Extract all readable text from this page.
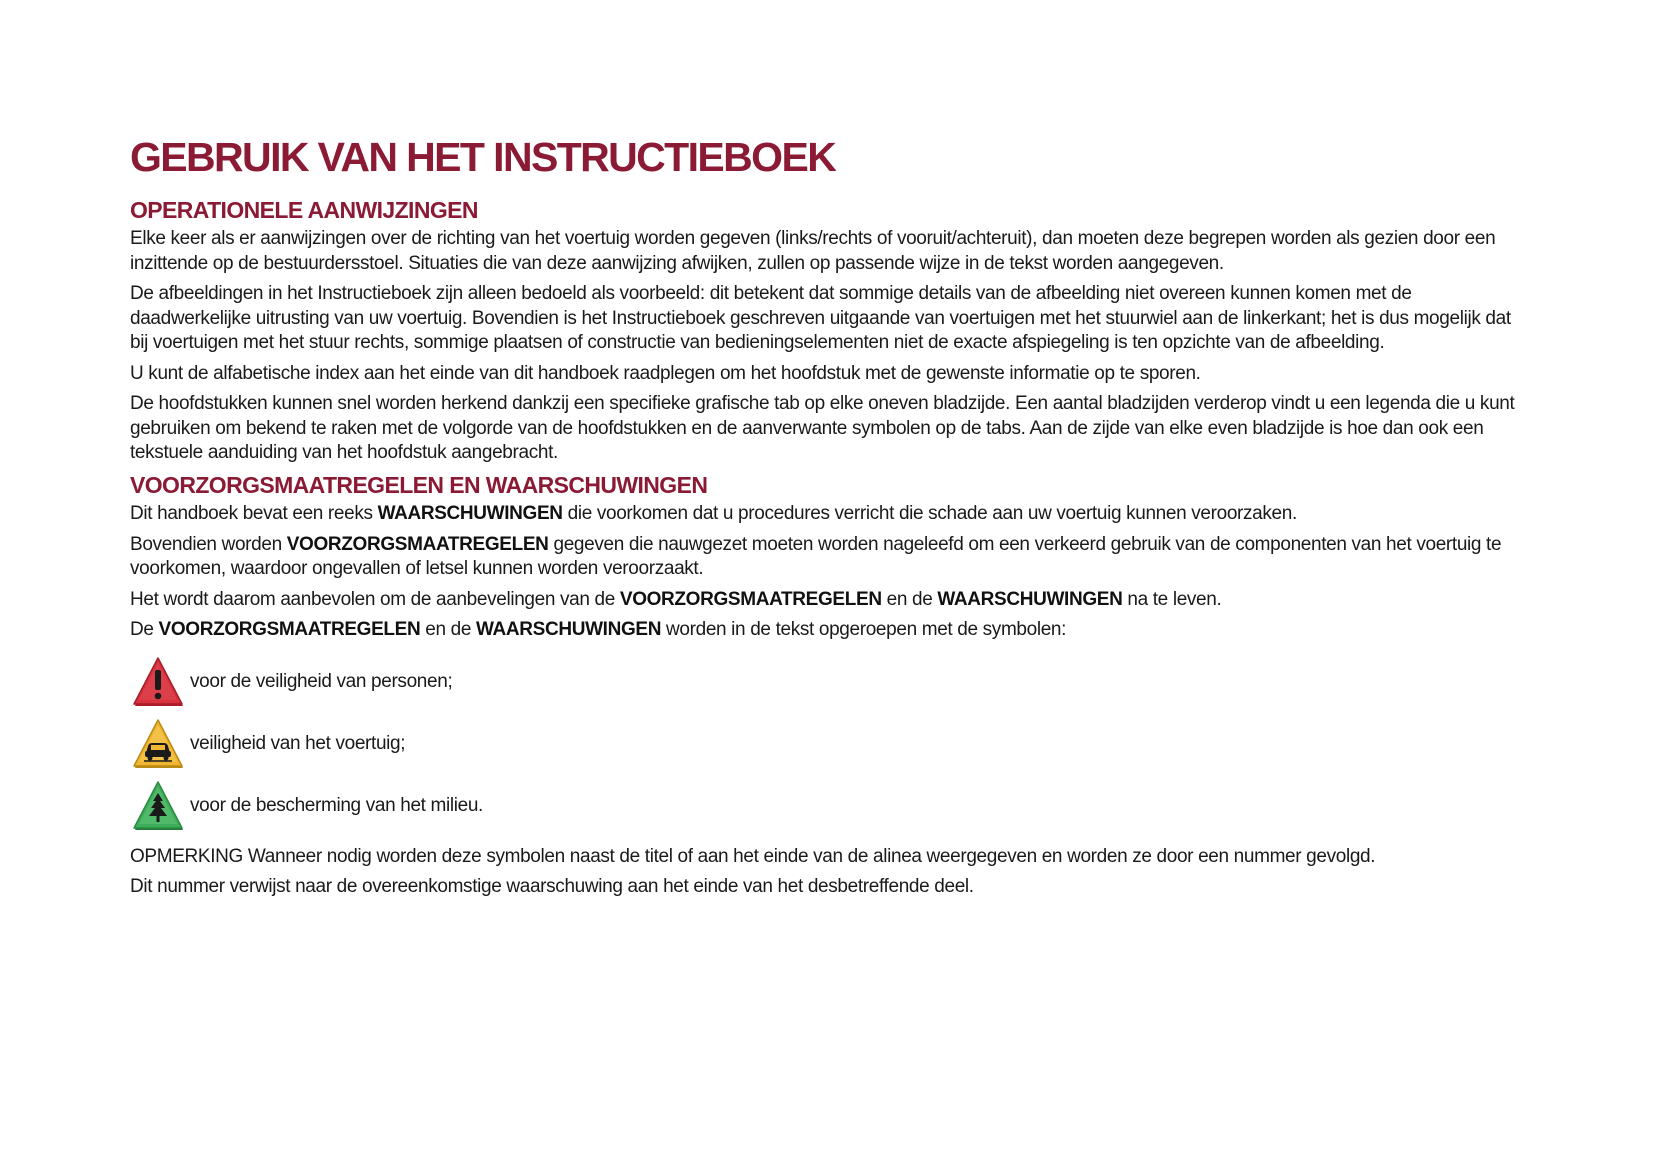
GEBRUIK VAN HET INSTRUCTIEBOEK
OPERATIONELE AANWIJZINGEN

Elke keer als er aanwijzingen over de richting van het voertuig worden gegeven (links/rechts of vooruit/achteruit), dan moeten deze begrepen worden als gezien door een inzittende op de bestuurdersstoel. Situaties die van deze aanwijzing afwijken, zullen op passende wijze in de tekst worden aangegeven.

De afbeeldingen in het Instructieboek zijn alleen bedoeld als voorbeeld: dit betekent dat sommige details van de afbeelding niet overeen kunnen komen met de daadwerkelijke uitrusting van uw voertuig. Bovendien is het Instructieboek geschreven uitgaande van voertuigen met het stuurwiel aan de linkerkant; het is dus mogelijk dat bij voertuigen met het stuur rechts, sommige plaatsen of constructie van bedieningselementen niet de exacte afspiegeling is ten opzichte van de afbeelding.

U kunt de alfabetische index aan het einde van dit handboek raadplegen om het hoofdstuk met de gewenste informatie op te sporen.

De hoofdstukken kunnen snel worden herkend dankzij een specifieke grafische tab op elke oneven bladzijde. Een aantal bladzijden verderop vindt u een legenda die u kunt gebruiken om bekend te raken met de volgorde van de hoofdstukken en de aanverwante symbolen op de tabs. Aan de zijde van elke even bladzijde is hoe dan ook een tekstuele aanduiding van het hoofdstuk aangebracht.

VOORZORGSMAATREGELEN EN WAARSCHUWINGEN

Dit handboek bevat een reeks WAARSCHUWINGEN die voorkomen dat u procedures verricht die schade aan uw voertuig kunnen veroorzaken.

Bovendien worden VOORZORGSMAATREGELEN gegeven die nauwgezet moeten worden nageleefd om een verkeerd gebruik van de componenten van het voertuig te voorkomen, waardoor ongevallen of letsel kunnen worden veroorzaakt.

Het wordt daarom aanbevolen om de aanbevelingen van de VOORZORGSMAATREGELEN en de WAARSCHUWINGEN na te leven.

De VOORZORGSMAATREGELEN en de WAARSCHUWINGEN worden in de tekst opgeroepen met de symbolen:

voor de veiligheid van personen;
veiligheid van het voertuig;
voor de bescherming van het milieu.

OPMERKING Wanneer nodig worden deze symbolen naast de titel of aan het einde van de alinea weergegeven en worden ze door een nummer gevolgd.

Dit nummer verwijst naar de overeenkomstige waarschuwing aan het einde van het desbetreffende deel.
